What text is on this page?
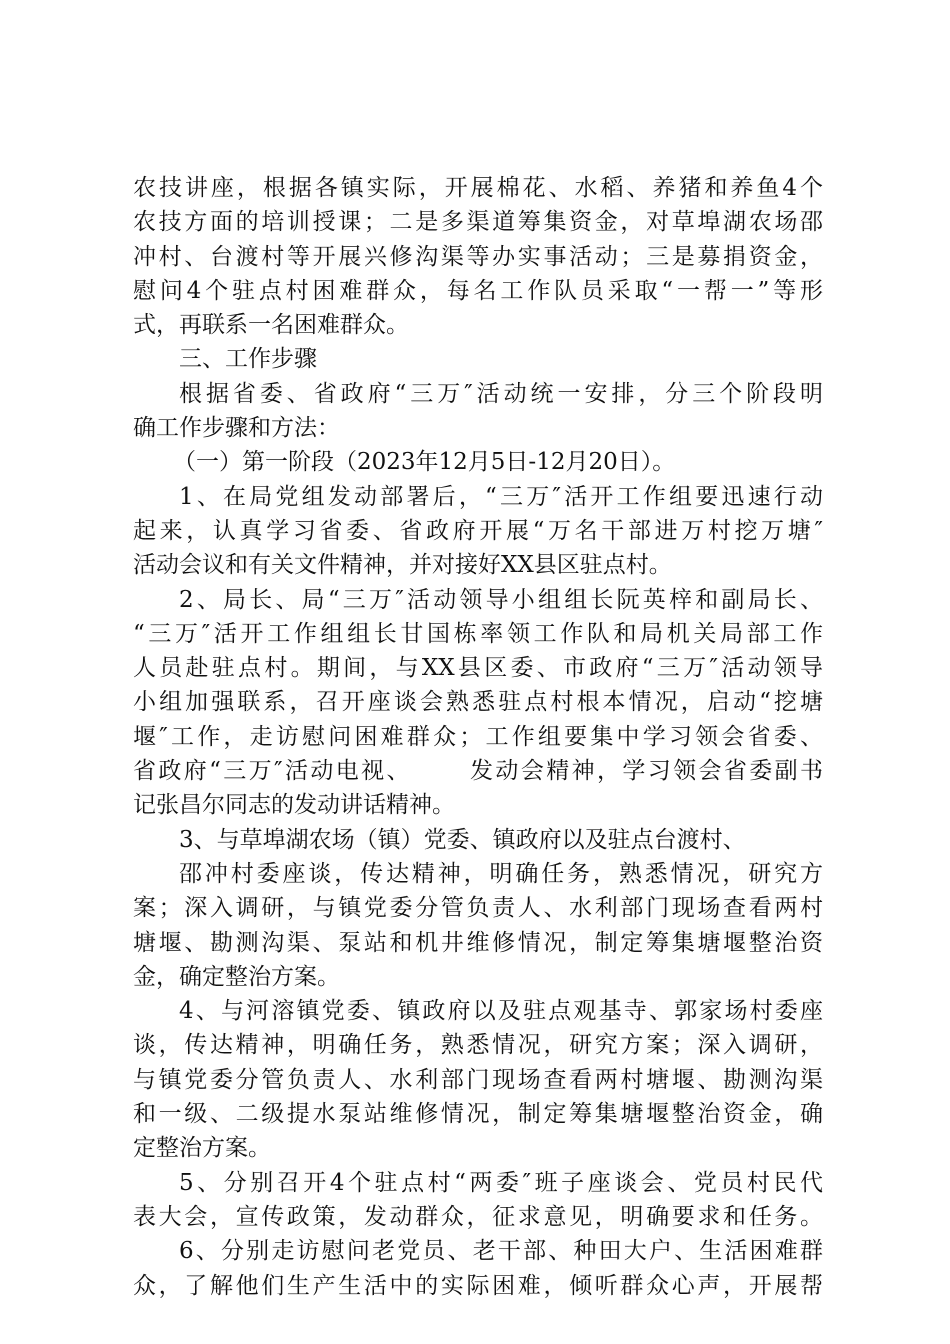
农技讲座，根据各镇实际，开展棉花、水稻、养猪和养鱼4个
农技方面的培训授课；二是多渠道筹集资金，对草埠湖农场邵
冲村、台渡村等开展兴修沟渠等办实事活动；三是募捐资金，
慰问4个驻点村困难群众，每名工作队员采取“一帮一”等形
式，再联系一名困难群众。
三、工作步骤
根据省委、省政府“三万″活动统一安排，分三个阶段明
确工作步骤和方法：
（一）第一阶段（2023年12月5日-12月20日）。
1、在局党组发动部署后，“三万″活开工作组要迅速行动
起来，认真学习省委、省政府开展“万名干部进万村挖万塘″
活动会议和有关文件精神，并对接好XX县区驻点村。
2、局长、局“三万″活动领导小组组长阮英梓和副局长、
“三万″活开工作组组长甘国栋率领工作队和局机关局部工作
人员赴驻点村。期间，与XX县区委、市政府“三万″活动领导
小组加强联系，召开座谈会熟悉驻点村根本情况，启动“挖塘
堰″工作，走访慰问困难群众；工作组要集中学习领会省委、
省政府“三万″活动电视、      发动会精神，学习领会省委副书
记张昌尔同志的发动讲话精神。
3、与草埠湖农场（镇）党委、镇政府以及驻点台渡村、
邵冲村委座谈，传达精神，明确任务，熟悉情况，研究方
案；深入调研，与镇党委分管负责人、水利部门现场查看两村
塘堰、勘测沟渠、泵站和机井维修情况，制定筹集塘堰整治资
金，确定整治方案。
4、与河溶镇党委、镇政府以及驻点观基寺、郭家场村委座
谈，传达精神，明确任务，熟悉情况，研究方案；深入调研，
与镇党委分管负责人、水利部门现场查看两村塘堰、勘测沟渠
和一级、二级提水泵站维修情况，制定筹集塘堰整治资金，确
定整治方案。
5、分别召开4个驻点村“两委″班子座谈会、党员村民代
表大会，宣传政策，发动群众，征求意见，明确要求和任务。
6、分别走访慰问老党员、老干部、种田大户、生活困难群
众，了解他们生产生活中的实际困难，倾听群众心声，开展帮
